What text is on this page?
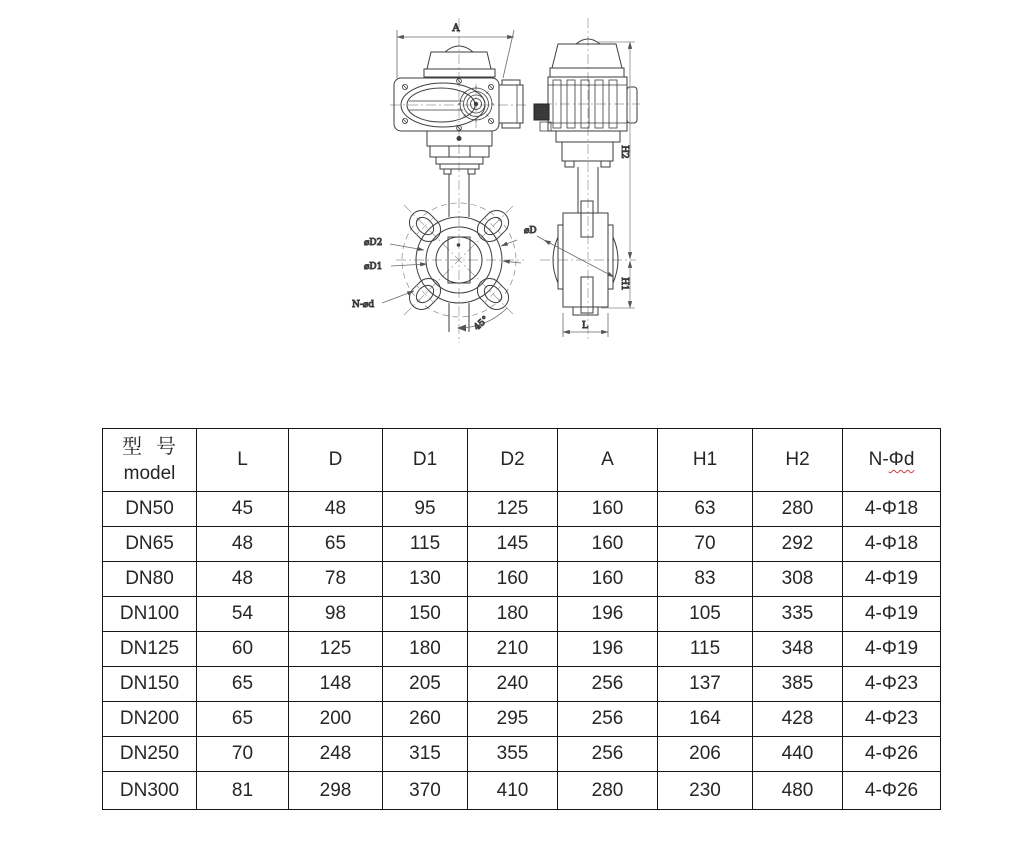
A
⌀D2
⌀D1
N-⌀d
45°
⌀D
H2
H1
L
型  号
model	L	D	D1	D2	A	H1	H2	N-Φd
DN50	45	48	95	125	160	63	280	4-Φ18
DN65	48	65	115	145	160	70	292	4-Φ18
DN80	48	78	130	160	160	83	308	4-Φ19
DN100	54	98	150	180	196	105	335	4-Φ19
DN125	60	125	180	210	196	115	348	4-Φ19
DN150	65	148	205	240	256	137	385	4-Φ23
DN200	65	200	260	295	256	164	428	4-Φ23
DN250	70	248	315	355	256	206	440	4-Φ26
DN300	81	298	370	410	280	230	480	4-Φ26
